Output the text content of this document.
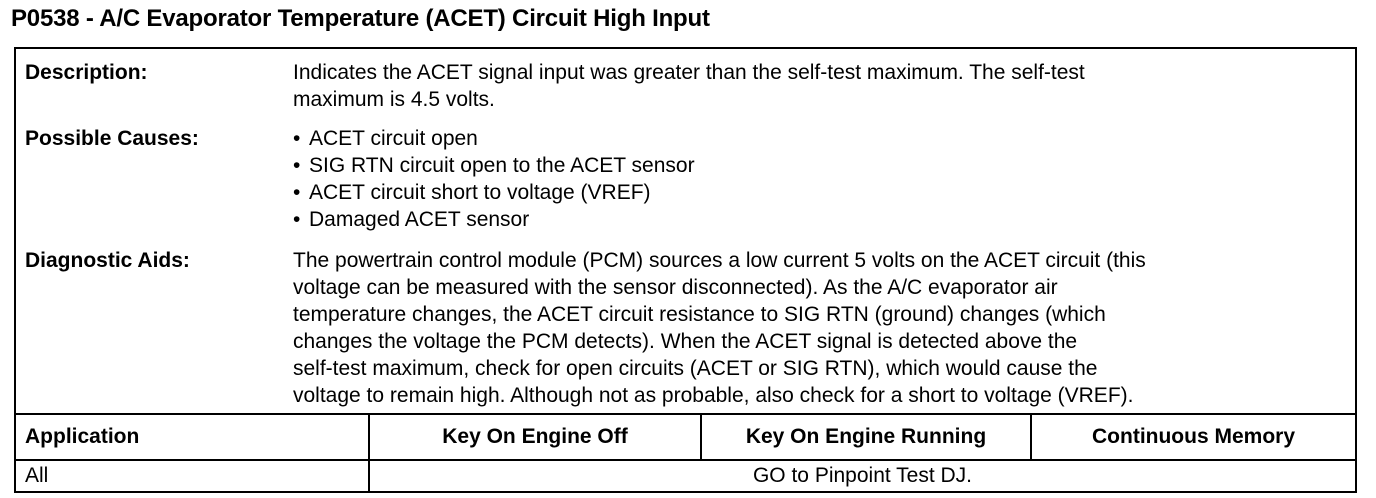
P0538 - A/C Evaporator Temperature (ACET) Circuit High Input
Description:	Indicates the ACET signal input was greater than the self-test maximum. The self-test
maximum is 4.5 volts.
Possible Causes:
•	ACET circuit open
• SIG RTN circuit open to the ACET sensor
• ACET circuit short to voltage (VREF)
• Damaged ACET sensor
Diagnostic Aids:	The powertrain control module (PCM) sources a low current 5 volts on the ACET circuit (this
voltage can be measured with the sensor disconnected). As the A/C evaporator air
temperature changes, the ACET circuit resistance to SIG RTN (ground) changes (which
changes the voltage the PCM detects). When the ACET signal is detected above the
self-test maximum, check for open circuits (ACET or SIG RTN), which would cause the
voltage to remain high. Although not as probable, also check for a short to voltage (VREF).
Application	Key On Engine Off	Key On Engine Running	Continuous Memory
All	GO to Pinpoint Test DJ.
